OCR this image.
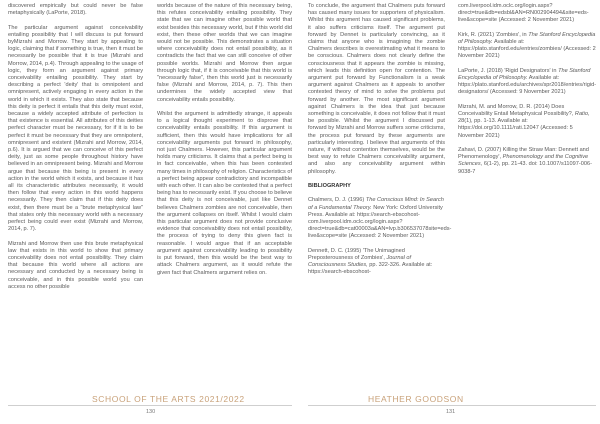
discovered empirically but could never be false metaphysically (LaPorte, 2018).

The particular argument against conceivability entailing possibility that I will discuss is put forward byMizrahi and Morrow. They start by appealing to logic, claiming that if something is true, then it must be necessarily be possible that it is true (Mizrahi and Morrow, 2014, p.4). Through appealing to the usage of logic, they form an argument against primary conceivability entailing possibility. They start by describing a perfect 'deity' that is omnipotent and omnipresent, actively engaging in every action in the world in which it exists. They also state that because this deity is perfect it entails that this deity must exist, because a widely accepted attribute of perfection is that existence is essential. All attributes of this deities perfect character must be necessary, for if it is to be perfect it must be necessary that they are omnipotent, omnipresent and existent (Mizrahi and Morrow, 2014, p.6). It is argued that we can conceive of this perfect deity, just as some people throughout history have believed in an omnipresent being. Mizrahi and Morrow argue that because this being is present in every action in the world which it exists, and because it has all its characteristic attributes necessarily, it would then follow that every action in this world happens necessarily. They then claim that if this deity does exist, then there must be a "brute metaphysical law" that states only this necessary world with a necessary perfect being could ever exist (Mizrahi and Morrow, 2014, p. 7).

Mizrahi and Morrow then use this brute metaphysical law that exists in this world to show that primary conceivability does not entail possibility. They claim that because this world where all actions are necessary and conducted by a necessary being is conceivable, and in this possible world you can access no other possible

worlds because of the nature of this necessary being, this refutes conceivability entailing possibility. They state that we can imagine other possible world that exist besides this necessary world, but if this world did exist, then these other worlds that we can imagine would not be possible. This demonstrates a situation where conceivability does not entail possibility, as it contradicts the fact that we can still conceive of other possible worlds. Mizrahi and Morrow then argue through logic that, if it is conceivable that this world is "necessarily false", then this world just is necessarily false (Mizrahi and Morrow, 2014, p. 7). This then undermines the widely accepted view that conceivability entails possibility.

Whilst the argument is admittedly strange, it appeals to a logical thought experiment to disprove that conceivability entails possibility. If this argument is sufficient, then this would have implications for all conceivability arguments put forward in philosophy, not just Chalmers. However, this particular argument holds many criticisms. It claims that a perfect being is in fact conceivable, when this has been contested many times in philosophy of religion. Characteristics of a perfect being appear contradictory and incompatible with each other. It can also be contested that a perfect being has to necessarily exist. If you choose to believe that this deity is not conceivable, just like Dennet believes Chalmers zombies are not conceivable, then the argument collapses on itself. Whilst I would claim this particular argument does not provide conclusive evidence that conceivability does not entail possibility, the process of trying to deny this given fact is reasonable. I would argue that if an acceptable argument against conceivability leading to possibility is put forward, then this would be the best way to attack Chalmers argument, as it would refute the given fact that Chalmers argument relies on.

To conclude, the argument that Chalmers puts forward has caused many issues for supporters of physicalism. Whilst this argument has caused significant problems, it also suffers criticisms itself. The argument put forward by Dennet is particularly convincing, as it claims that anyone who is imagining the zombie Chalmers describes is overestimating what it means to be conscious. Chalmers does not clearly define the consciousness that it appears the zombie is missing, which leads this definition open for contention. The argument put forward by Functionalism is a weak argument against Chalmers as it appeals to another contested theory of mind to solve the problems put forward by another. The most significant argument against Chalmers is the idea that just because something is conceivable, it does not follow that it must be possible. Whilst the argument I discussed put forward by Mizrahi and Morrow suffers some criticisms, the process put forward by these arguments are particularly interesting. I believe that arguments of this nature, if without contention themselves, would be the best way to refute Chalmers conceivability argument, and also any conceivability argument within philosophy.

BIBLIOGRAPHY

Chalmers, D. J. (1996) The Conscious Mind: In Search of a Fundamental Theory. New York: Oxford University Press. Available at: https://search-ebscohost-com.liverpool.idm.oclc.org/login.aspx?direct=true&db=cat00003a&AN=lvp.b306537078site=eds-live&scope=site (Accessed: 2 November 2021)

Dennett, D. C. (1995) 'The Unimagined Preposterousness of Zombies', Journal of Consciousness Studies, pp. 322-326. Available at: https://search-ebscohost-

com.liverpool.idm.oclc.org/login.aspx?direct=true&db=edsbl&AN=RN002904494&site=eds-live&scope=site (Accessed: 2 November 2021)

Kirk, R. (2021) 'Zombies', in The Stanford Encyclopedia of Philosophy. Available at: https://plato.stanford.edu/entries/zombies/ (Accessed: 2 November 2021)

LaPorte, J. (2018) 'Rigid Designators' in The Stanford Encyclopedia of Philosophy. Available at: https://plato.stanford.edu/archives/spr2018/entries/rigid-designators/ (Accessed: 9 November 2021)

Mizrahi, M. and Morrow, D. R. (2014) Does Conceivability Entail Metaphysical Possibility?, Ratio, 28(1), pp. 1-13. Available at: https://doi.org/10.1111/rati.12047 (Accessed: 5 November 2021)

Zahavi, D. (2007) Killing the Straw Man: Dennett and Phenomenology', Phenomenology and the Cognitive Sciences, 6(1-2), pp. 21-43. doi: 10.1007/s11097-006-9038-7

SCHOOL OF THE ARTS 2021/2022	HEATHER GOODSON
130	131
